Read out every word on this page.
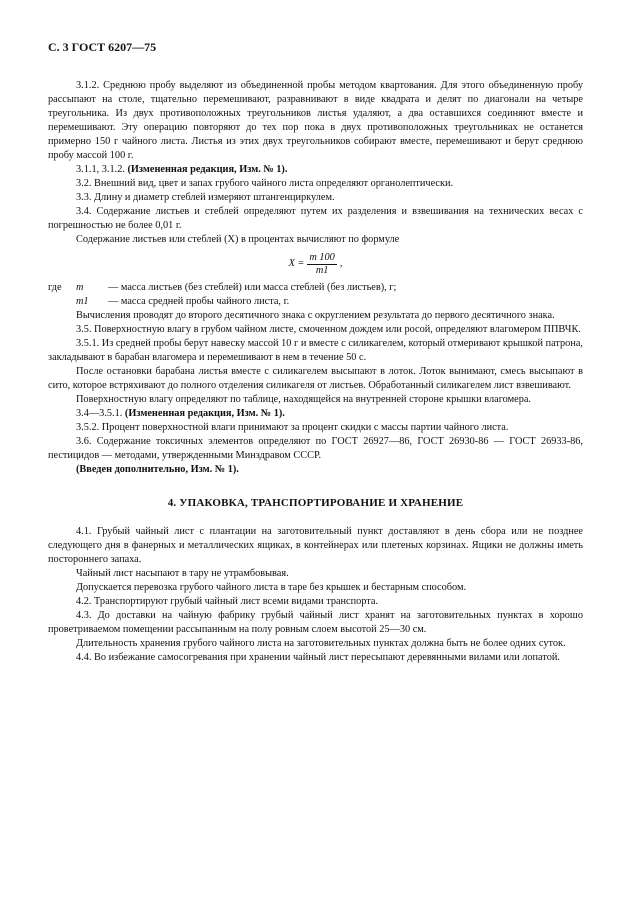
С. 3 ГОСТ 6207—75

3.1.2. Среднюю пробу выделяют из объединенной пробы методом квартования. Для этого объединенную пробу рассыпают на столе, тщательно перемешивают, разравнивают в виде квадрата и делят по диагонали на четыре треугольника. Из двух противоположных треугольников листья удаляют, а два оставшихся соединяют вместе и перемешивают. Эту операцию повторяют до тех пор пока в двух противоположных треугольниках не останется примерно 150 г чайного листа. Листья из этих двух треугольников собирают вместе, перемешивают и берут среднюю пробу массой 100 г.

3.1.1, 3.1.2. (Измененная редакция, Изм. № 1).

3.2. Внешний вид, цвет и запах грубого чайного листа определяют органолептически.

3.3. Длину и диаметр стеблей измеряют штангенциркулем.

3.4. Содержание листьев и стеблей определяют путем их разделения и взвешивания на технических весах с погрешностью не более 0,01 г.

Содержание листьев или стеблей (X) в процентах вычисляют по формуле

$X = \frac{m 100}{m1}$ ,
где	m	— масса листьев (без стеблей) или масса стеблей (без листьев), г;
m1	— масса средней пробы чайного листа, г.

Вычисления проводят до второго десятичного знака с округлением результата до первого десятичного знака.

3.5. Поверхностную влагу в грубом чайном листе, смоченном дождем или росой, определяют влагомером ППВЧК.

3.5.1. Из средней пробы берут навеску массой 10 г и вместе с силикагелем, который отмеривают крышкой патрона, закладывают в барабан влагомера и перемешивают в нем в течение 50 с.

После остановки барабана листья вместе с силикагелем высыпают в лоток. Лоток вынимают, смесь высыпают в сито, которое встряхивают до полного отделения силикагеля от листьев. Обработанный силикагелем лист взвешивают.

Поверхностную влагу определяют по таблице, находящейся на внутренней стороне крышки влагомера.

3.4—3.5.1. (Измененная редакция, Изм. № 1).

3.5.2. Процент поверхностной влаги принимают за процент скидки с массы партии чайного листа.

3.6. Содержание токсичных элементов определяют по ГОСТ 26927—86, ГОСТ 26930-86 — ГОСТ 26933-86, пестицидов — методами, утвержденными Минздравом СССР.

(Введен дополнительно, Изм. № 1).

4. УПАКОВКА, ТРАНСПОРТИРОВАНИЕ И ХРАНЕНИЕ

4.1. Грубый чайный лист с плантации на заготовительный пункт доставляют в день сбора или не позднее следующего дня в фанерных и металлических ящиках, в контейнерах или плетеных корзинах. Ящики не должны иметь постороннего запаха.

Чайный лист насыпают в тару не утрамбовывая.

Допускается перевозка грубого чайного листа в таре без крышек и бестарным способом.

4.2. Транспортируют грубый чайный лист всеми видами транспорта.

4.3. До доставки на чайную фабрику грубый чайный лист хранят на заготовительных пунктах в хорошо проветриваемом помещении рассыпанным на полу ровным слоем высотой 25—30 см.

Длительность хранения грубого чайного листа на заготовительных пунктах должна быть не более одних суток.

4.4. Во избежание самосогревания при хранении чайный лист пересыпают деревянными вилами или лопатой.
